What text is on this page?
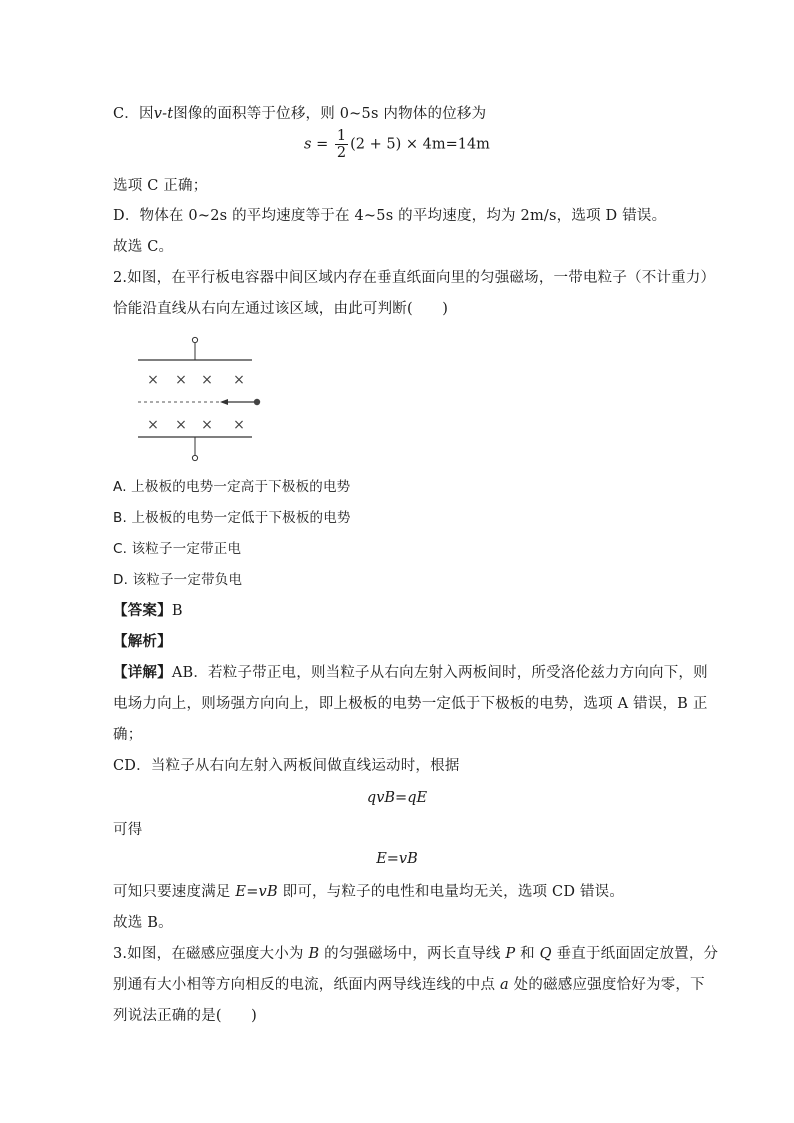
C．因v-t图像的面积等于位移，则 0~5s 内物体的位移为
$s = \frac{1}{2} (2 + 5) \times 4m=14m$
选项 C 正确；
D．物体在 0~2s 的平均速度等于在 4~5s 的平均速度，均为 2m/s，选项 D 错误。
故选 C。
2.如图，在平行板电容器中间区域内存在垂直纸面向里的匀强磁场，一带电粒子（不计重力）
恰能沿直线从右向左通过该区域，由此可判断(　　)
× × × ×
× × × ×
A. 上极板的电势一定高于下极板的电势
B. 上极板的电势一定低于下极板的电势
C. 该粒子一定带正电
D. 该粒子一定带负电
【答案】B
【解析】
【详解】AB．若粒子带正电，则当粒子从右向左射入两板间时，所受洛伦兹力方向向下，则
电场力向上，则场强方向向上，即上极板的电势一定低于下极板的电势，选项 A 错误，B 正
确；
CD．当粒子从右向左射入两板间做直线运动时，根据
qvB=qE
可得
E=vB
可知只要速度满足 E=vB 即可，与粒子的电性和电量均无关，选项 CD 错误。
故选 B。
3.如图，在磁感应强度大小为 B 的匀强磁场中，两长直导线 P 和 Q 垂直于纸面固定放置，分
别通有大小相等方向相反的电流，纸面内两导线连线的中点 a 处的磁感应强度恰好为零，下
列说法正确的是(　　)
